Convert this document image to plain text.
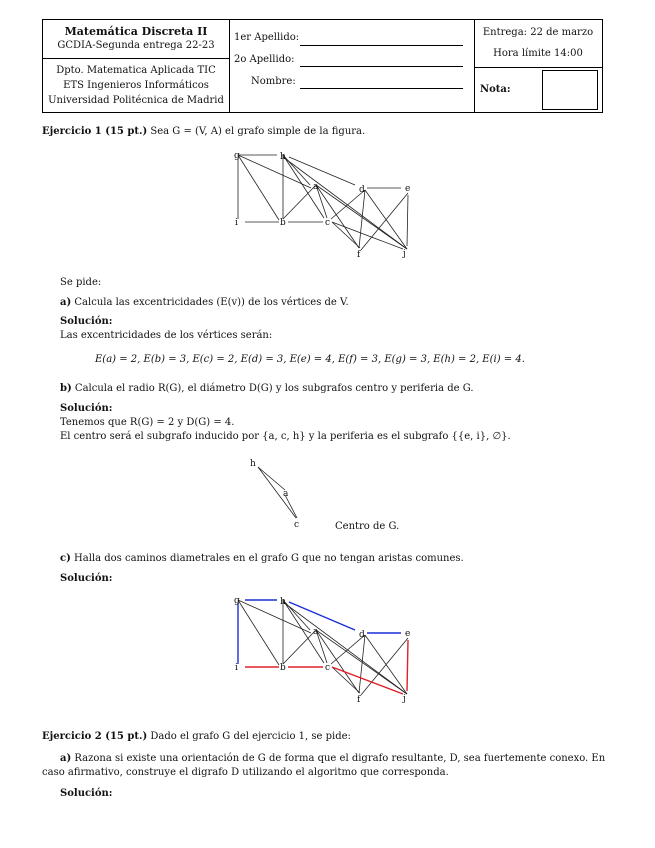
Matemática Discreta II
GCDIA-Segunda entrega 22-23
Dpto. Matematica Aplicada TIC
ETS Ingenieros Informáticos
Universidad Politécnica de Madrid
1er Apellido:
2o Apellido:
Nombre:
Entrega: 22 de marzo
Hora límite 14:00
Nota:
Ejercicio 1 (15 pt.) Sea G = (V, A) el grafo simple de la figura.
g	h
a	d	e
i	b	c
f	j
Se pide:
a) Calcula las excentricidades (E(v)) de los vértices de V.
Solución:
Las excentricidades de los vértices serán:
E(a) = 2, E(b) = 3, E(c) = 2, E(d) = 3, E(e) = 4, E(f) = 3, E(g) = 3, E(h) = 2, E(i) = 4.
b) Calcula el radio R(G), el diámetro D(G) y los subgrafos centro y periferia de G.
Solución:
Tenemos que R(G) = 2 y D(G) = 4.
El centro será el subgrafo inducido por {a, c, h} y la periferia es el subgrafo {{e, i}, ∅}.
h
a
c	Centro de G.
c) Halla dos caminos diametrales en el grafo G que no tengan aristas comunes.
Solución:
g	h
a	d	e
i	b	c
f	j
Ejercicio 2 (15 pt.) Dado el grafo G del ejercicio 1, se pide:
a) Razona si existe una orientación de G de forma que el digrafo resultante, D, sea fuertemente conexo. En
caso afirmativo, construye el digrafo D utilizando el algoritmo que corresponda.
Solución:
